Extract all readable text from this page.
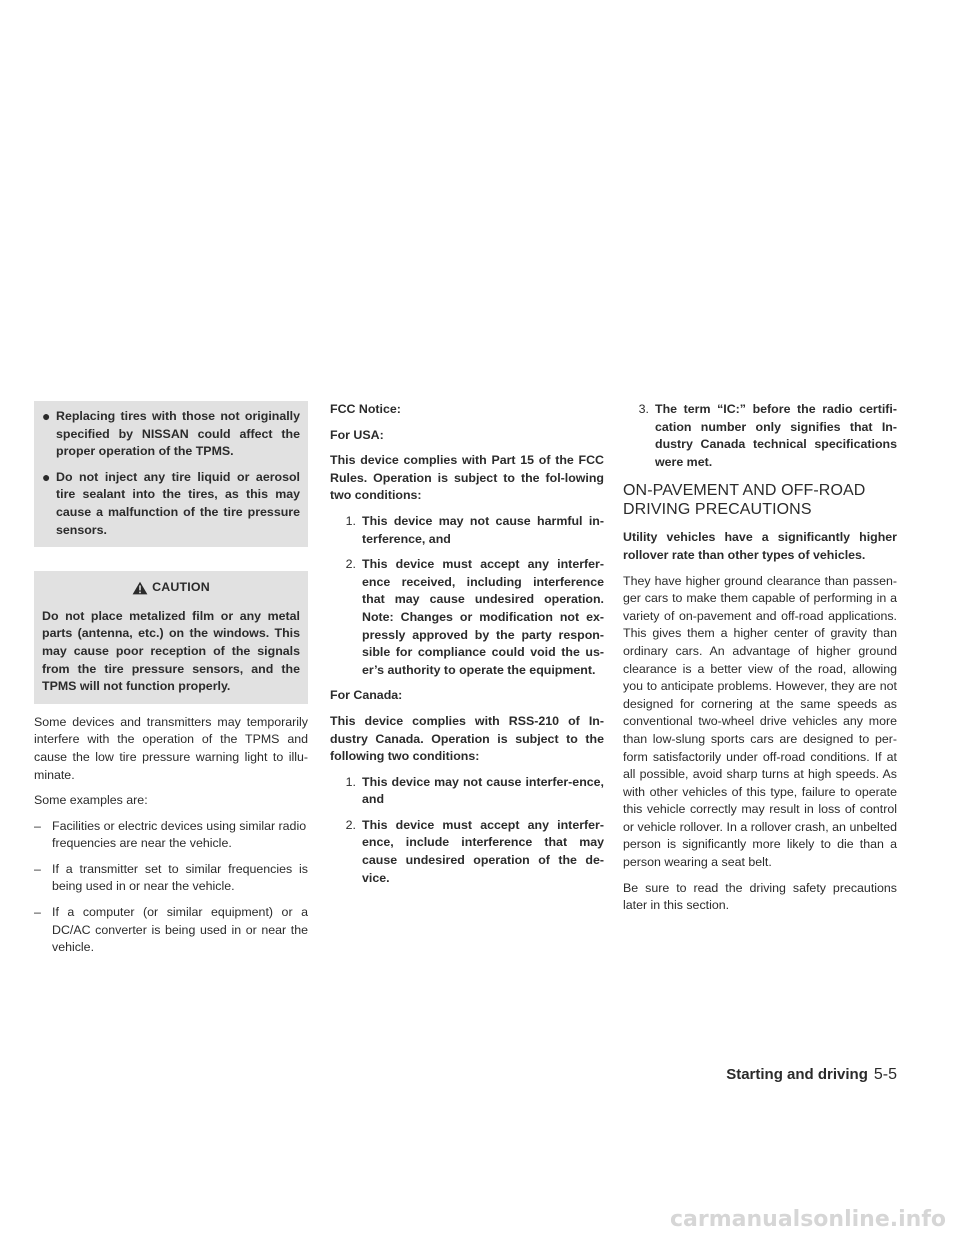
● Replacing tires with those not originally specified by NISSAN could affect the proper operation of the TPMS.
● Do not inject any tire liquid or aerosol tire sealant into the tires, as this may cause a malfunction of the tire pressure sensors.
CAUTION
Do not place metalized film or any metal parts (antenna, etc.) on the windows. This may cause poor reception of the signals from the tire pressure sensors, and the TPMS will not function properly.

Some devices and transmitters may temporarily interfere with the operation of the TPMS and cause the low tire pressure warning light to illu-minate.

Some examples are:

– Facilities or electric devices using similar radio frequencies are near the vehicle.
– If a transmitter set to similar frequencies is being used in or near the vehicle.
– If a computer (or similar equipment) or a DC/AC converter is being used in or near the vehicle.

FCC Notice:

For USA:

This device complies with Part 15 of the FCC Rules. Operation is subject to the fol-lowing two conditions:

1. This device may not cause harmful in-terference, and
2. This device must accept any interfer-ence received, including interference that may cause undesired operation. Note: Changes or modification not ex-pressly approved by the party respon-sible for compliance could void the us-er’s authority to operate the equipment.

For Canada:

This device complies with RSS-210 of In-dustry Canada. Operation is subject to the following two conditions:

1. This device may not cause interfer-ence, and
2. This device must accept any interfer-ence, include interference that may cause undesired operation of the de-vice.
3. The term “IC:” before the radio certifi-cation number only signifies that In-dustry Canada technical specifications were met.
ON-PAVEMENT AND OFF-ROAD
DRIVING PRECAUTIONS

Utility vehicles have a significantly higher rollover rate than other types of vehicles.

They have higher ground clearance than passen-ger cars to make them capable of performing in a variety of on-pavement and off-road applications. This gives them a higher center of gravity than ordinary cars. An advantage of higher ground clearance is a better view of the road, allowing you to anticipate problems. However, they are not designed for cornering at the same speeds as conventional two-wheel drive vehicles any more than low-slung sports cars are designed to per-form satisfactorily under off-road conditions. If at all possible, avoid sharp turns at high speeds. As with other vehicles of this type, failure to operate this vehicle correctly may result in loss of control or vehicle rollover. In a rollover crash, an unbelted person is significantly more likely to die than a person wearing a seat belt.

Be sure to read the driving safety precautions later in this section.

Starting and driving 5-5
carmanualsonline.info
